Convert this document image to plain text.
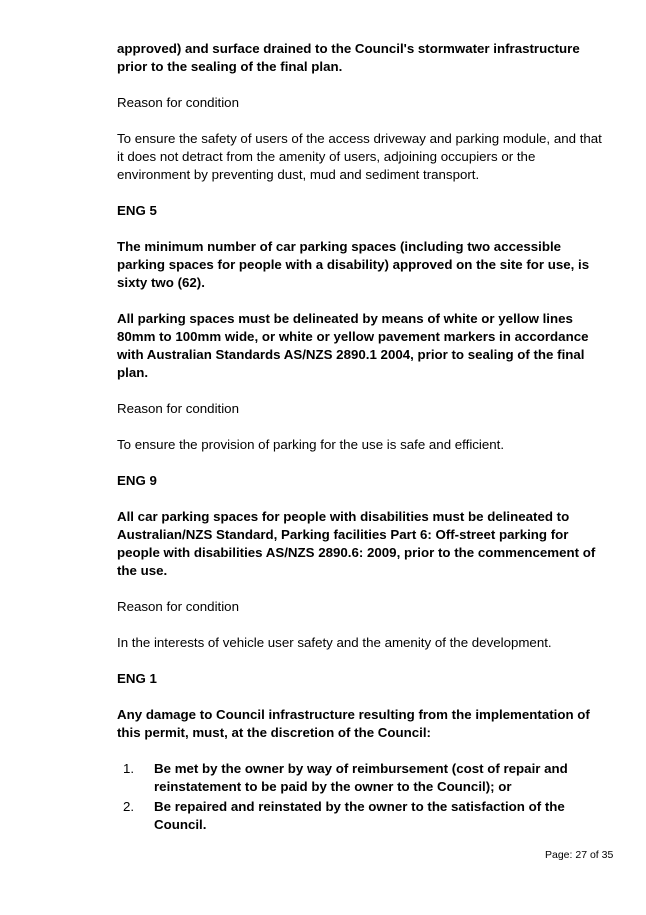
approved) and surface drained to the Council's stormwater infrastructure prior to the sealing of the final plan.

Reason for condition

To ensure the safety of users of the access driveway and parking module, and that it does not detract from the amenity of users, adjoining occupiers or the environment by preventing dust, mud and sediment transport.

ENG 5

The minimum number of car parking spaces (including two accessible parking spaces for people with a disability) approved on the site for use, is sixty two (62).

All parking spaces must be delineated by means of white or yellow lines 80mm to 100mm wide, or white or yellow pavement markers in accordance with Australian Standards AS/NZS 2890.1 2004, prior to sealing of the final plan.

Reason for condition

To ensure the provision of parking for the use is safe and efficient.

ENG 9

All car parking spaces for people with disabilities must be delineated to Australian/NZS Standard, Parking facilities Part 6: Off-street parking for people with disabilities AS/NZS 2890.6: 2009, prior to the commencement of the use.

Reason for condition

In the interests of vehicle user safety and the amenity of the development.

ENG 1

Any damage to Council infrastructure resulting from the implementation of this permit, must, at the discretion of the Council:

1.	Be met by the owner by way of reimbursement (cost of repair and reinstatement to be paid by the owner to the Council); or
2.	Be repaired and reinstated by the owner to the satisfaction of the Council.
Page: 27 of 35
